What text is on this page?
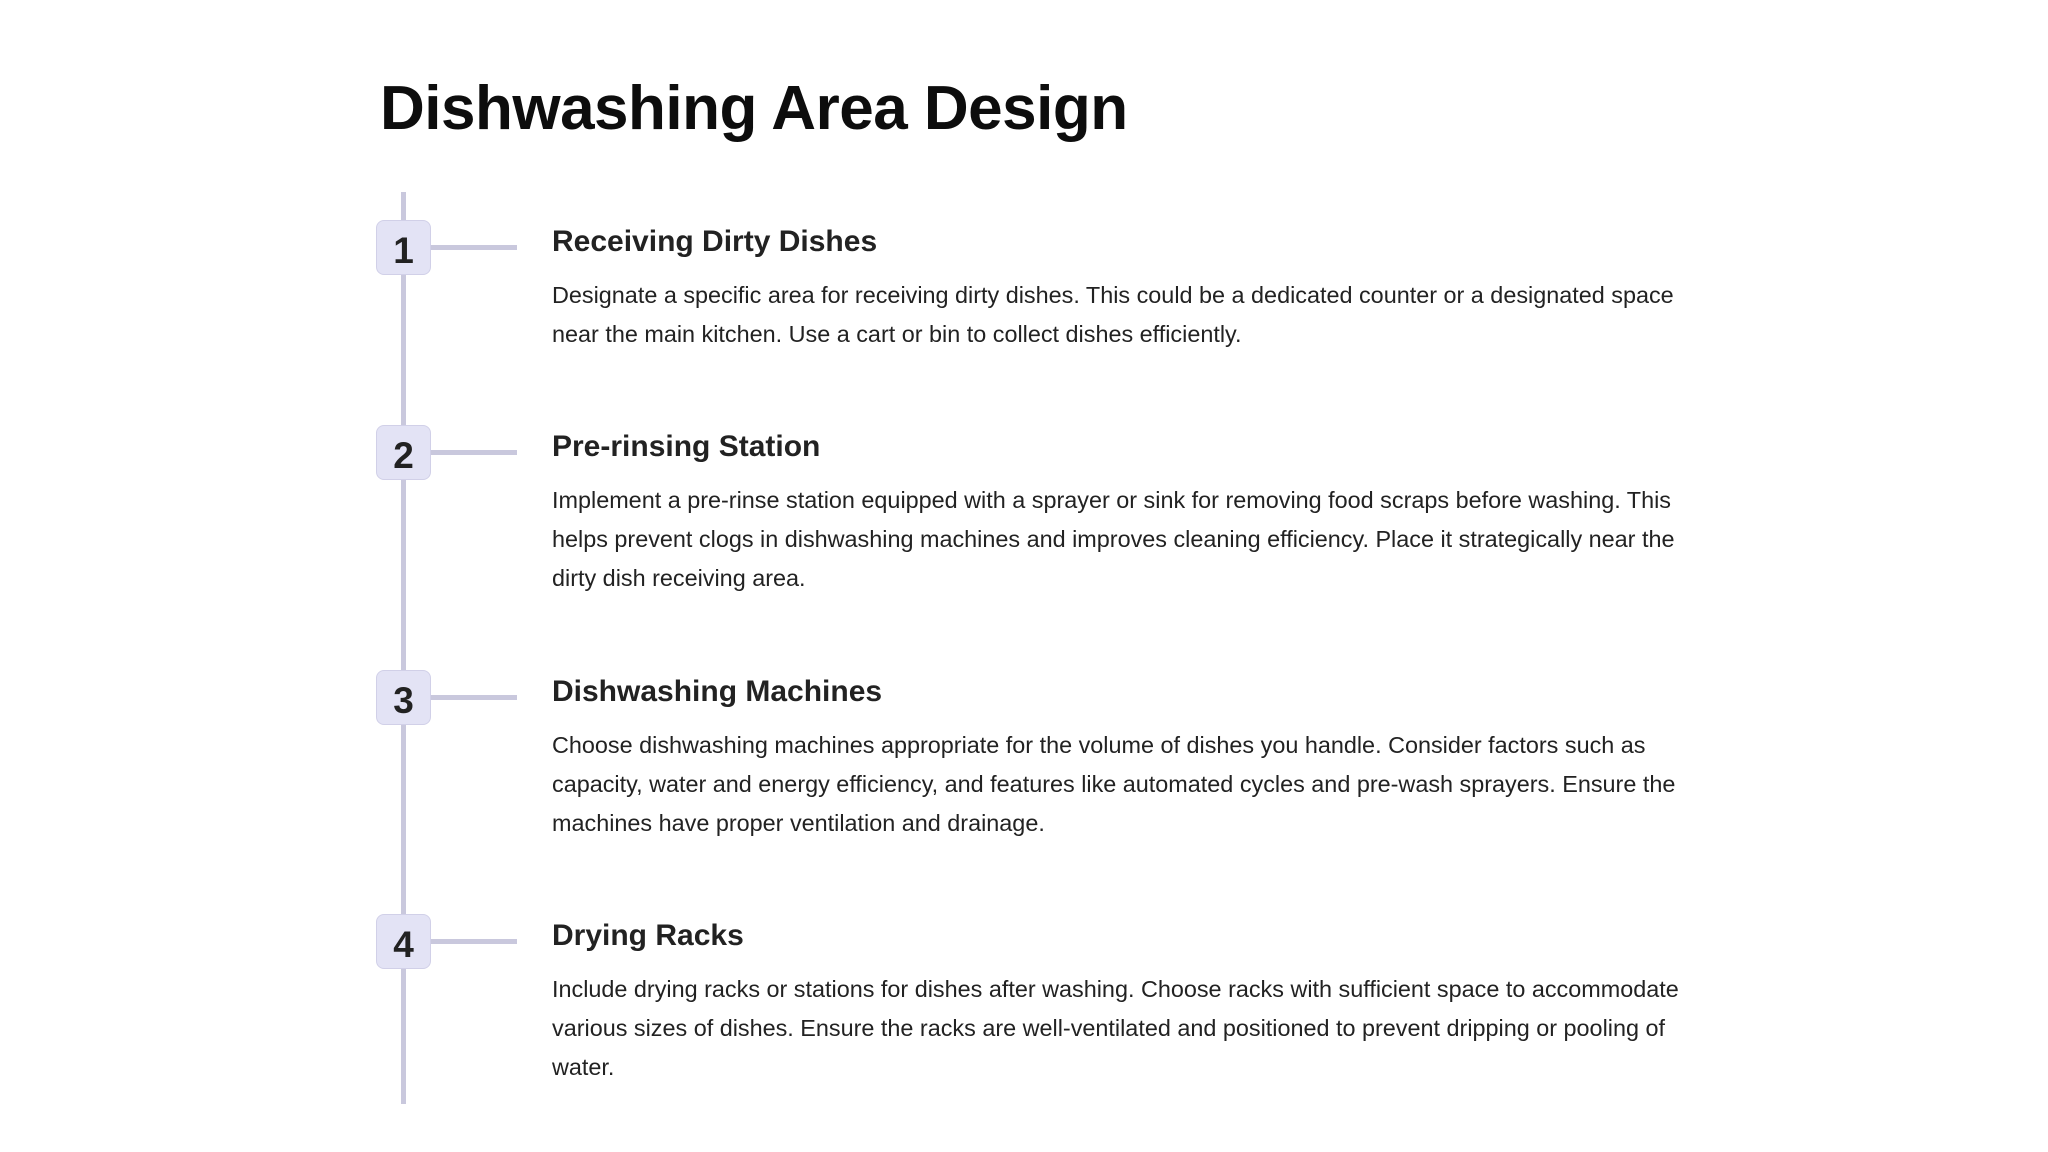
Dishwashing Area Design
1	Receiving Dirty Dishes

Designate a specific area for receiving dirty dishes. This could be a dedicated counter or a designated space near the main kitchen. Use a cart or bin to collect dishes efficiently.

2	Pre-rinsing Station

Implement a pre-rinse station equipped with a sprayer or sink for removing food scraps before washing. This helps prevent clogs in dishwashing machines and improves cleaning efficiency. Place it strategically near the dirty dish receiving area.

3	Dishwashing Machines

Choose dishwashing machines appropriate for the volume of dishes you handle. Consider factors such as capacity, water and energy efficiency, and features like automated cycles and pre-wash sprayers. Ensure the machines have proper ventilation and drainage.

4	Drying Racks

Include drying racks or stations for dishes after washing. Choose racks with sufficient space to accommodate various sizes of dishes. Ensure the racks are well-ventilated and positioned to prevent dripping or pooling of water.
